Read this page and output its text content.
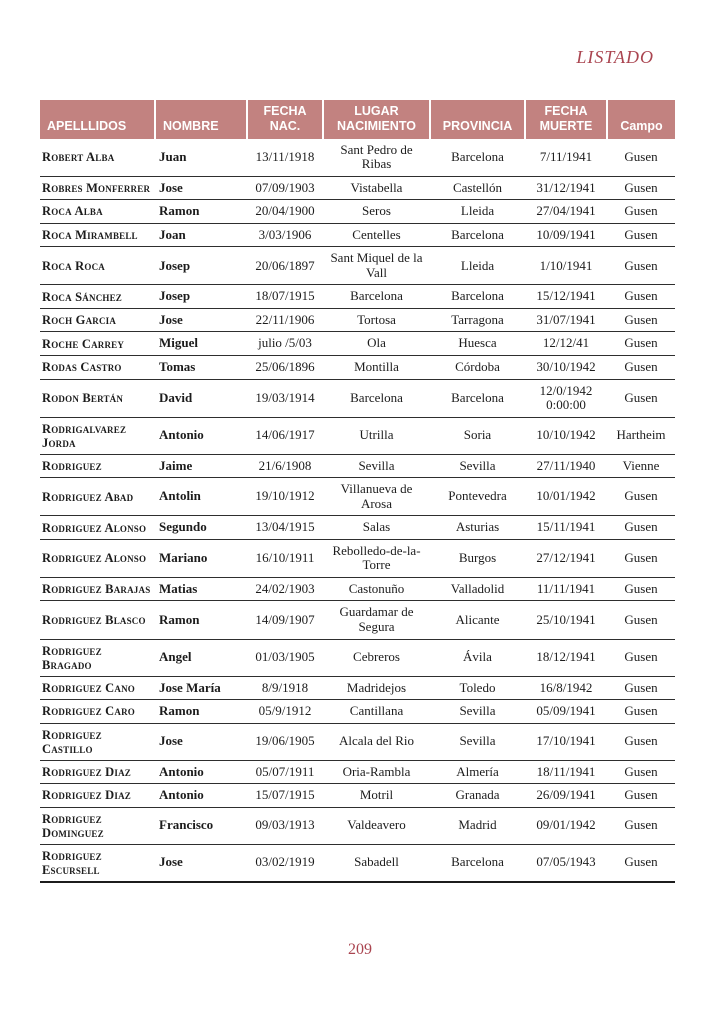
LISTADO
APELLLIDOS	NOMBRE	FECHA NAC.	LUGAR NACIMIENTO	PROVINCIA	FECHA MUERTE	Campo
Robert Alba	Juan	13/11/1918	Sant Pedro de Ribas	Barcelona	7/11/1941	Gusen
Robres Monferrer	Jose	07/09/1903	Vistabella	Castellón	31/12/1941	Gusen
Roca Alba	Ramon	20/04/1900	Seros	Lleida	27/04/1941	Gusen
Roca Mirambell	Joan	3/03/1906	Centelles	Barcelona	10/09/1941	Gusen
Roca Roca	Josep	20/06/1897	Sant Miquel de la Vall	Lleida	1/10/1941	Gusen
Roca Sánchez	Josep	18/07/1915	Barcelona	Barcelona	15/12/1941	Gusen
Roch Garcia	Jose	22/11/1906	Tortosa	Tarragona	31/07/1941	Gusen
Roche Carrey	Miguel	julio /5/03	Ola	Huesca	12/12/41	Gusen
Rodas Castro	Tomas	25/06/1896	Montilla	Córdoba	30/10/1942	Gusen
Rodon Bertán	David	19/03/1914	Barcelona	Barcelona	12/0/1942 0:00:00	Gusen
Rodrigalvarez Jorda	Antonio	14/06/1917	Utrilla	Soria	10/10/1942	Hartheim
Rodriguez	Jaime	21/6/1908	Sevilla	Sevilla	27/11/1940	Vienne
Rodriguez Abad	Antolin	19/10/1912	Villanueva de Arosa	Pontevedra	10/01/1942	Gusen
Rodriguez Alonso	Segundo	13/04/1915	Salas	Asturias	15/11/1941	Gusen
Rodriguez Alonso	Mariano	16/10/1911	Rebolledo-de-la-Torre	Burgos	27/12/1941	Gusen
Rodriguez Barajas	Matias	24/02/1903	Castonuño	Valladolid	11/11/1941	Gusen
Rodriguez Blasco	Ramon	14/09/1907	Guardamar de Segura	Alicante	25/10/1941	Gusen
Rodriguez Bragado	Angel	01/03/1905	Cebreros	Ávila	18/12/1941	Gusen
Rodriguez Cano	Jose María	8/9/1918	Madridejos	Toledo	16/8/1942	Gusen
Rodriguez Caro	Ramon	05/9/1912	Cantillana	Sevilla	05/09/1941	Gusen
Rodriguez Castillo	Jose	19/06/1905	Alcala del Rio	Sevilla	17/10/1941	Gusen
Rodriguez Diaz	Antonio	05/07/1911	Oria-Rambla	Almería	18/11/1941	Gusen
Rodriguez Diaz	Antonio	15/07/1915	Motril	Granada	26/09/1941	Gusen
Rodriguez Dominguez	Francisco	09/03/1913	Valdeavero	Madrid	09/01/1942	Gusen
Rodriguez Escursell	Jose	03/02/1919	Sabadell	Barcelona	07/05/1943	Gusen
209
